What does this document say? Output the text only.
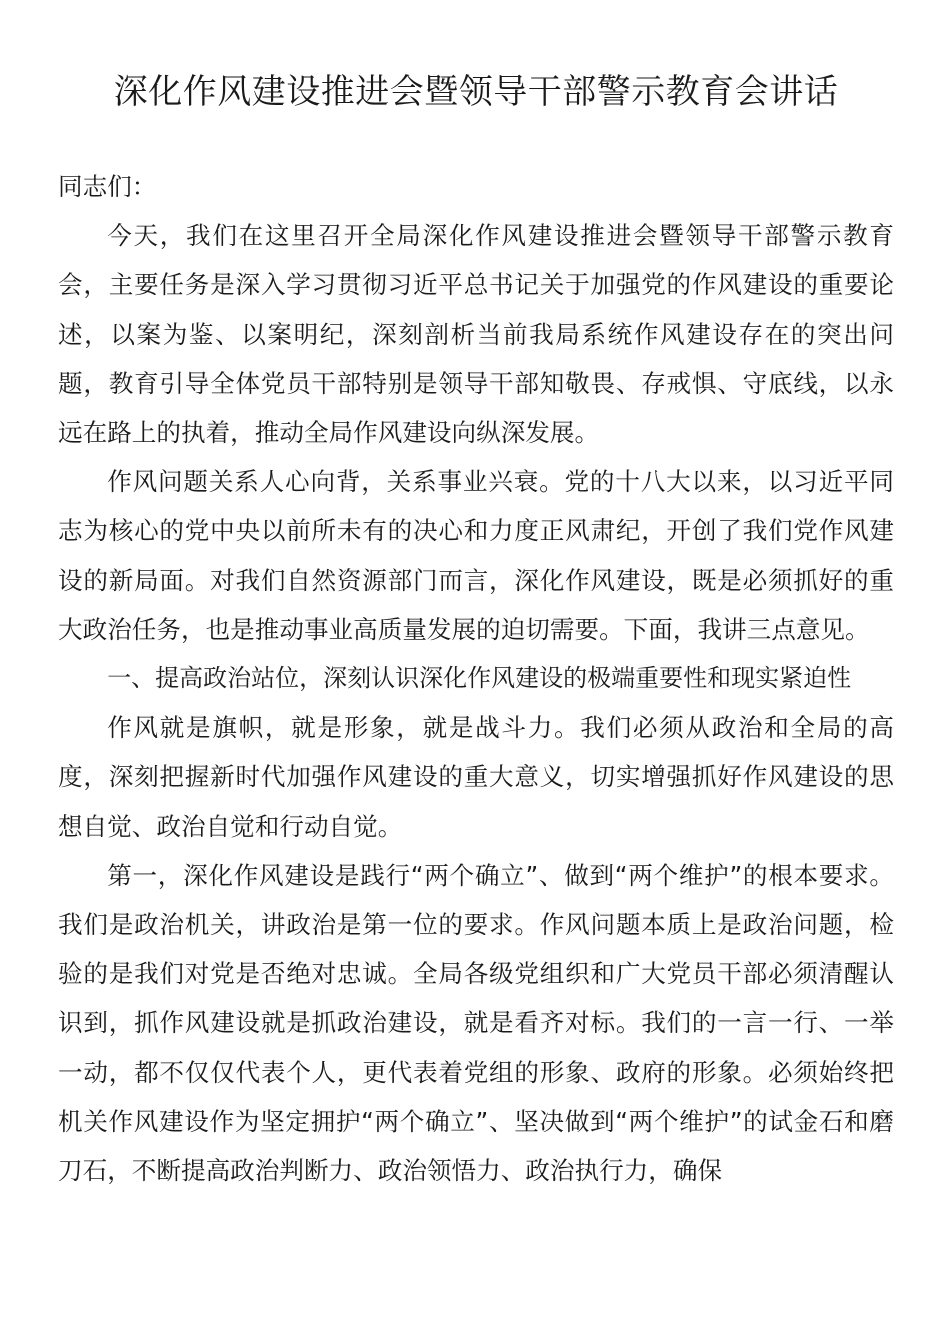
深化作风建设推进会暨领导干部警示教育会讲话

同志们：

今天，我们在这里召开全局深化作风建设推进会暨领导干部警示教育会，主要任务是深入学习贯彻习近平总书记关于加强党的作风建设的重要论述，以案为鉴、以案明纪，深刻剖析当前我局系统作风建设存在的突出问题，教育引导全体党员干部特别是领导干部知敬畏、存戒惧、守底线，以永远在路上的执着，推动全局作风建设向纵深发展。

作风问题关系人心向背，关系事业兴衰。党的十八大以来，以习近平同志为核心的党中央以前所未有的决心和力度正风肃纪，开创了我们党作风建设的新局面。对我们自然资源部门而言，深化作风建设，既是必须抓好的重大政治任务，也是推动事业高质量发展的迫切需要。下面，我讲三点意见。

一、提高政治站位，深刻认识深化作风建设的极端重要性和现实紧迫性

作风就是旗帜，就是形象，就是战斗力。我们必须从政治和全局的高度，深刻把握新时代加强作风建设的重大意义，切实增强抓好作风建设的思想自觉、政治自觉和行动自觉。

第一，深化作风建设是践行“两个确立”、做到“两个维护”的根本要求。我们是政治机关，讲政治是第一位的要求。作风问题本质上是政治问题，检验的是我们对党是否绝对忠诚。全局各级党组织和广大党员干部必须清醒认识到，抓作风建设就是抓政治建设，就是看齐对标。我们的一言一行、一举一动，都不仅仅代表个人，更代表着党组的形象、政府的形象。必须始终把机关作风建设作为坚定拥护“两个确立”、坚决做到“两个维护”的试金石和磨刀石，不断提高政治判断力、政治领悟力、政治执行力，确保
